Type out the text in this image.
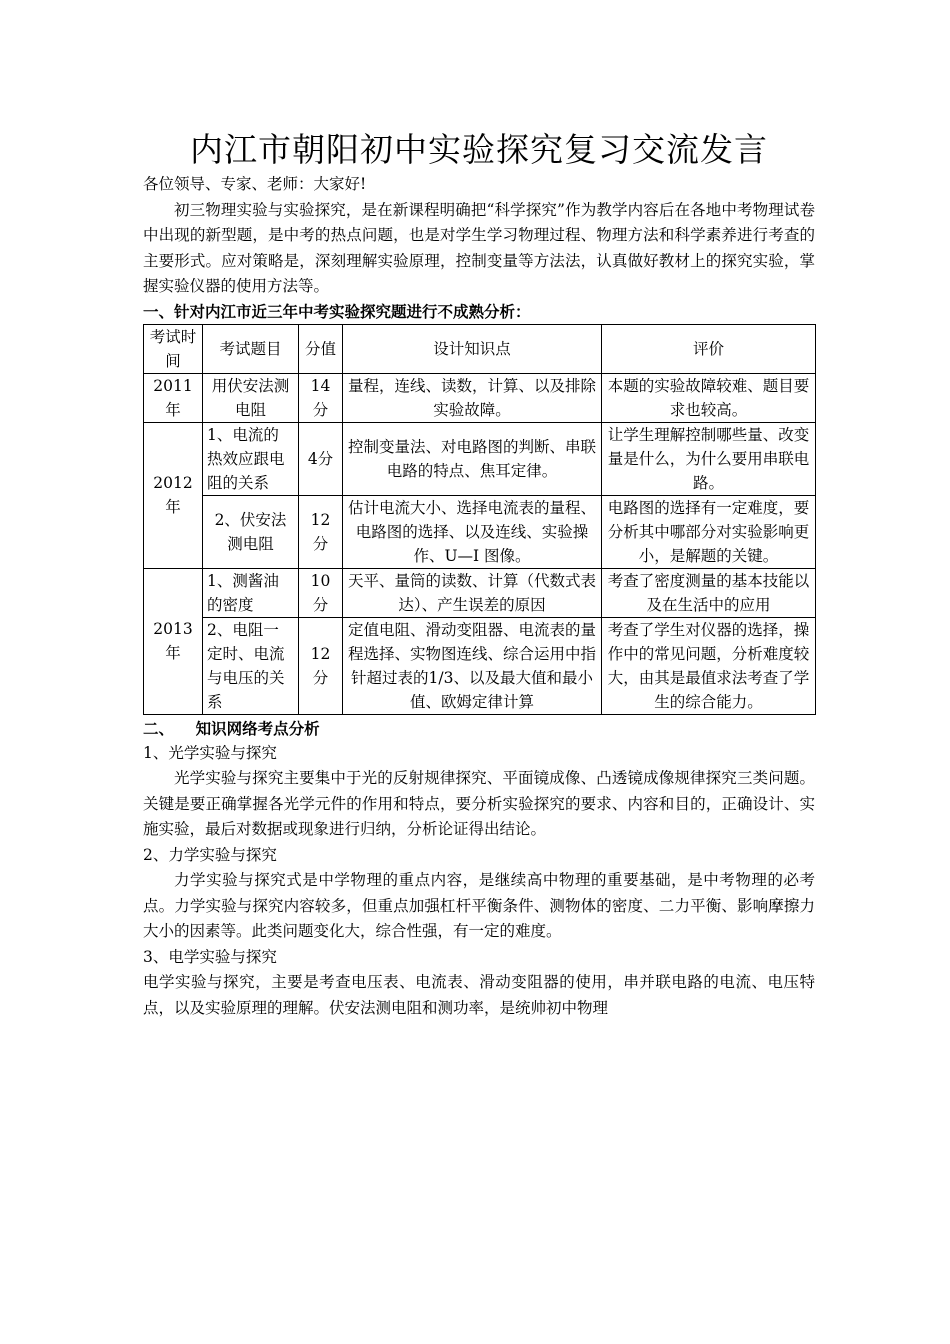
内江市朝阳初中实验探究复习交流发言

各位领导、专家、老师：大家好!

初三物理实验与实验探究，是在新课程明确把“科学探究”作为教学内容后在各地中考物理试卷中出现的新型题，是中考的热点问题，也是对学生学习物理过程、物理方法和科学素养进行考查的主要形式。应对策略是，深刻理解实验原理，控制变量等方法法，认真做好教材上的探究实验，掌握实验仪器的使用方法等。

一、针对内江市近三年中考实验探究题进行不成熟分析：
考试时间	考试题目	分值	设计知识点	评价
2011年	用伏安法测电阻	14分	量程，连线、读数，计算、以及排除实验故障。	本题的实验故障较难、题目要求也较高。
2012年	1、电流的热效应跟电阻的关系	4分	控制变量法、对电路图的判断、串联电路的特点、焦耳定律。	让学生理解控制哪些量、改变量是什么，为什么要用串联电路。
	2、伏安法测电阻	12分	估计电流大小、选择电流表的量程、电路图的选择、以及连线、实验操作、U—I 图像。	电路图的选择有一定难度，要分析其中哪部分对实验影响更小，是解题的关键。
2013年	1、测酱油的密度	10分	天平、量筒的读数、计算（代数式表达）、产生误差的原因	考查了密度测量的基本技能以及在生活中的应用
	2、电阻一定时、电流与电压的关系	12分	定值电阻、滑动变阻器、电流表的量程选择、实物图连线、综合运用中指针超过表的1/3、以及最大值和最小值、欧姆定律计算	考查了学生对仪器的选择，操作中的常见问题，分析难度较大，由其是最值求法考查了学生的综合能力。
二、    知识网络考点分析

1、光学实验与探究

光学实验与探究主要集中于光的反射规律探究、平面镜成像、凸透镜成像规律探究三类问题。关键是要正确掌握各光学元件的作用和特点，要分析实验探究的要求、内容和目的，正确设计、实施实验，最后对数据或现象进行归纳，分析论证得出结论。

2、力学实验与探究

力学实验与探究式是中学物理的重点内容，是继续高中物理的重要基础，是中考物理的必考点。力学实验与探究内容较多，但重点加强杠杆平衡条件、测物体的密度、二力平衡、影响摩擦力大小的因素等。此类问题变化大，综合性强，有一定的难度。

3、电学实验与探究

电学实验与探究，主要是考查电压表、电流表、滑动变阻器的使用，串并联电路的电流、电压特点，以及实验原理的理解。伏安法测电阻和测功率，是统帅初中物理
